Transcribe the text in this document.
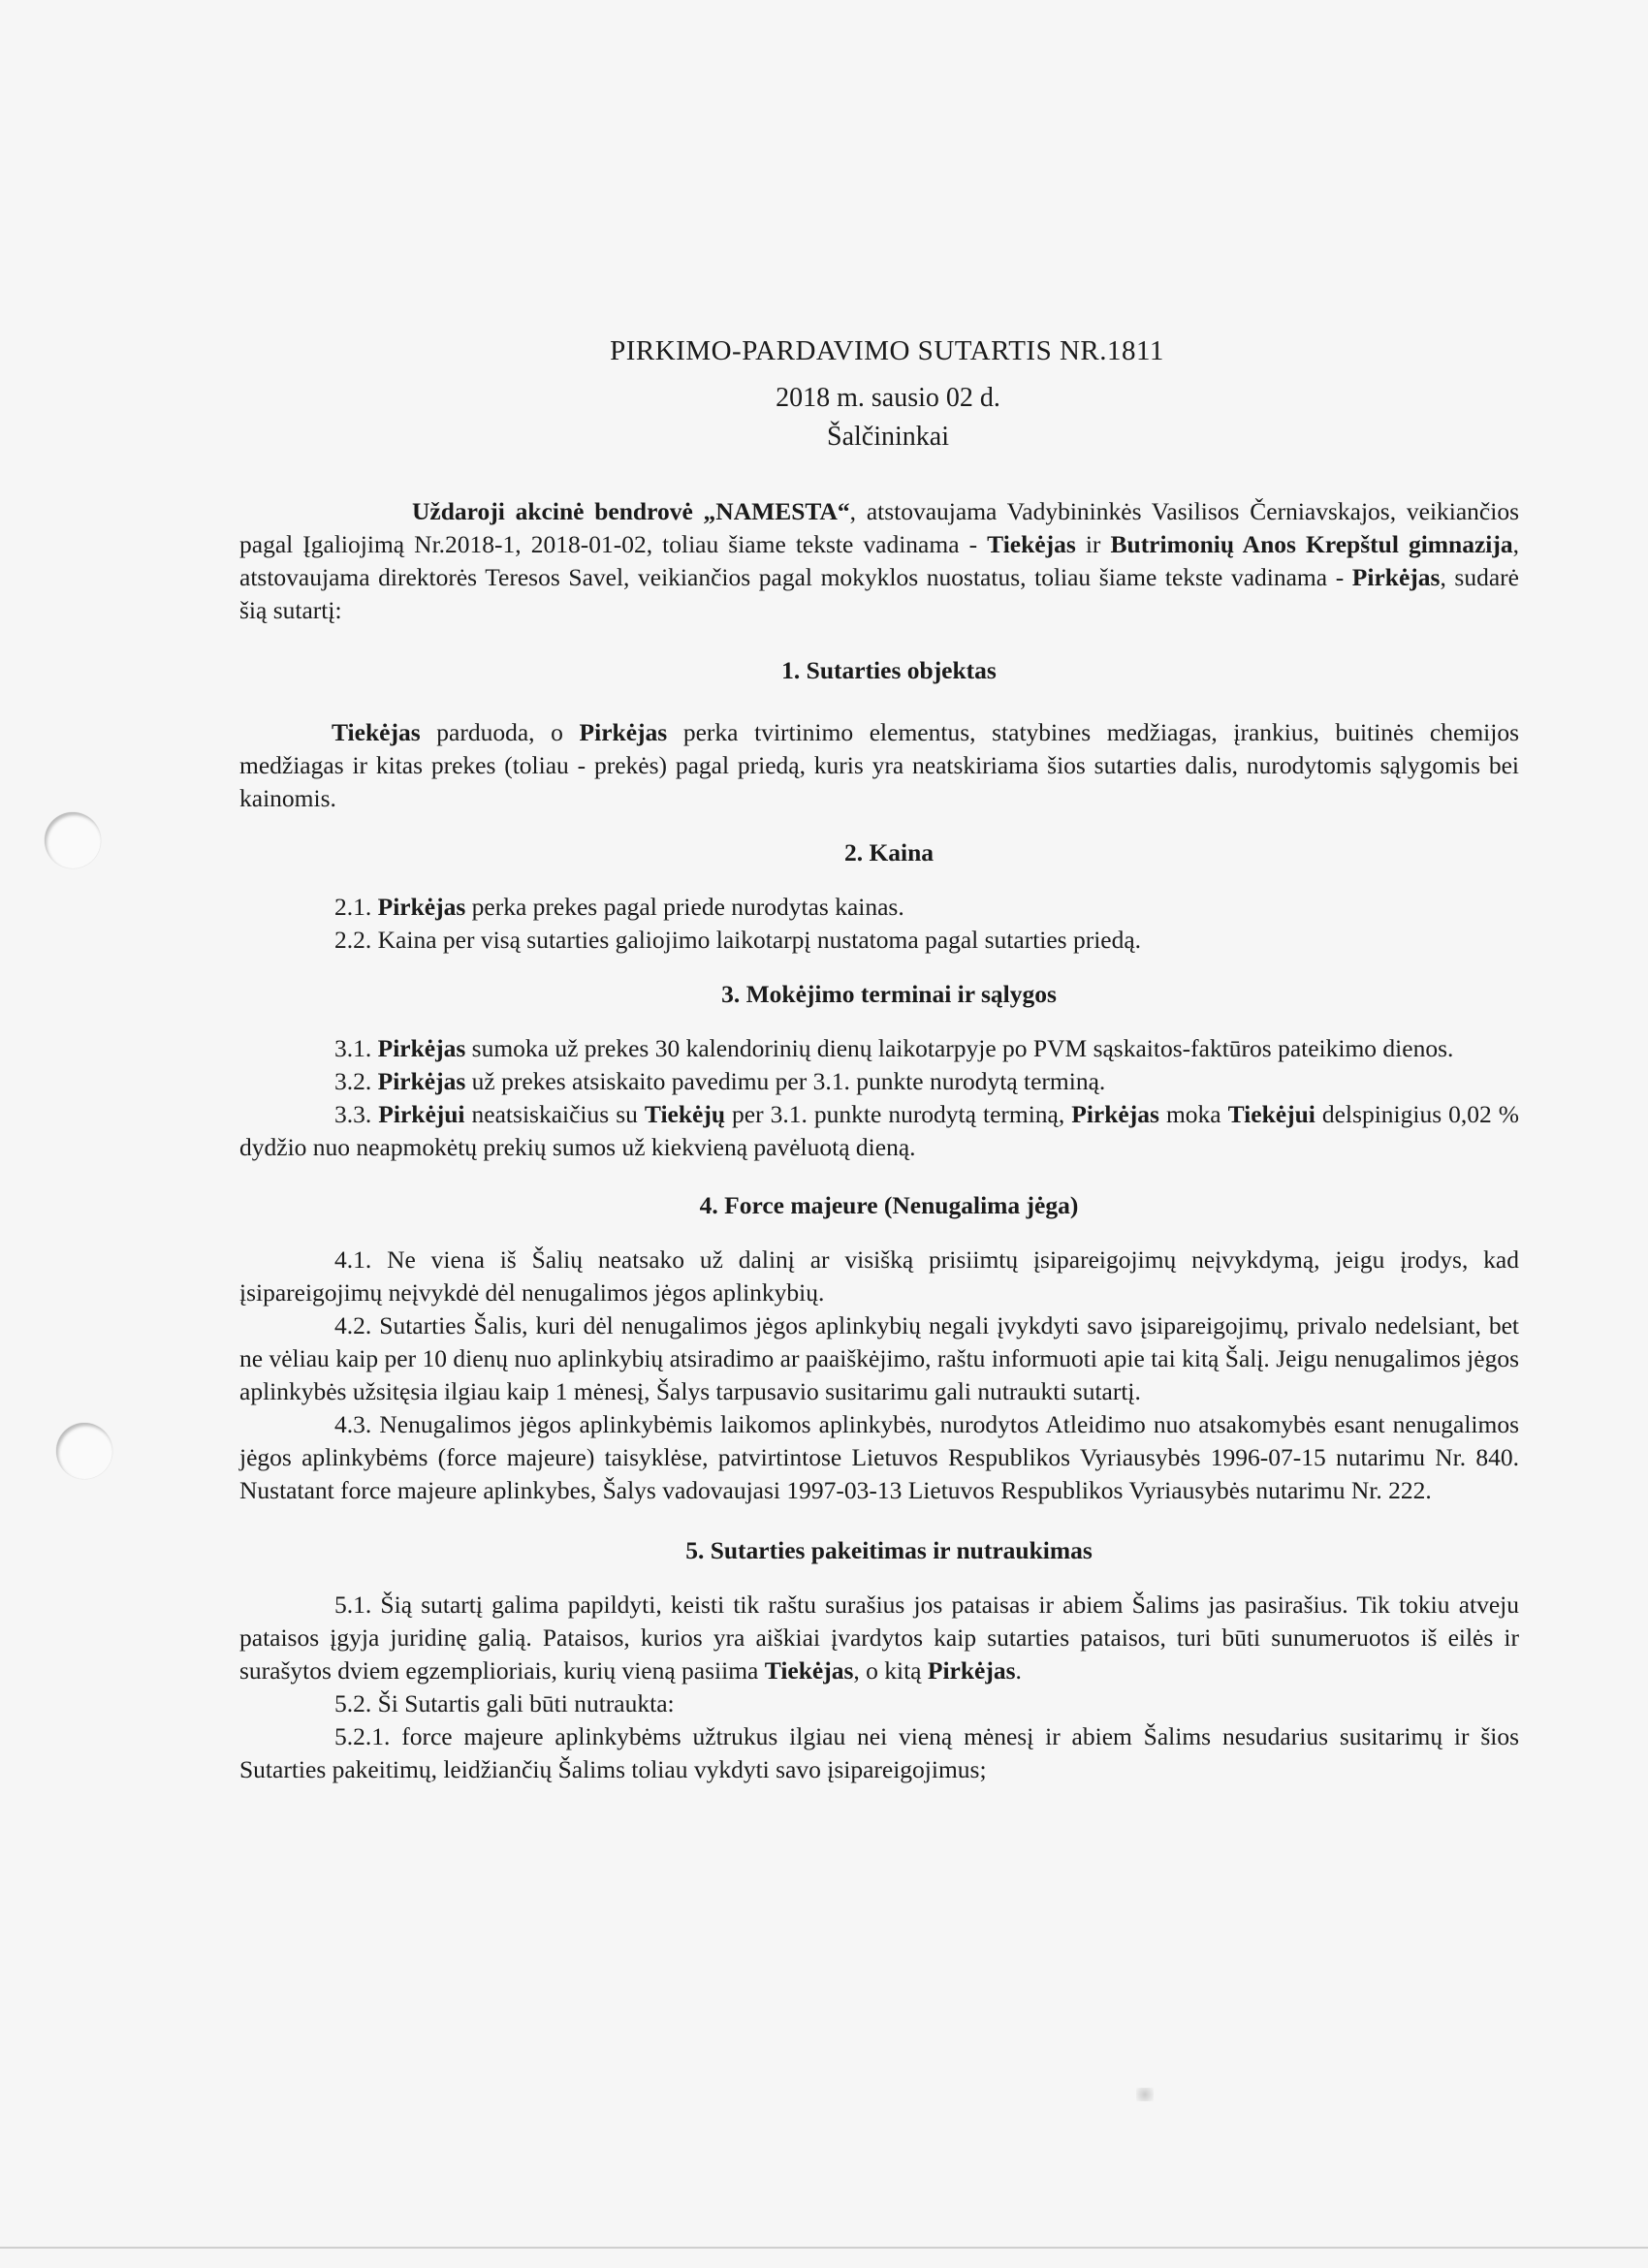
PIRKIMO-PARDAVIMO SUTARTIS NR.1811
2018 m. sausio 02 d.
Šalčininkai

Uždaroji akcinė bendrovė „NAMESTA“, atstovaujama Vadybininkės Vasilisos Černiavskajos, veikiančios pagal Įgaliojimą Nr.2018-1, 2018-01-02, toliau šiame tekste vadinama - Tiekėjas ir Butrimonių Anos Krepštul gimnazija, atstovaujama direktorės Teresos Savel, veikiančios pagal mokyklos nuostatus, toliau šiame tekste vadinama - Pirkėjas, sudarė šią sutartį:

1. Sutarties objektas

Tiekėjas parduoda, o Pirkėjas perka tvirtinimo elementus, statybines medžiagas, įrankius, buitinės chemijos medžiagas ir kitas prekes (toliau - prekės) pagal priedą, kuris yra neatskiriama šios sutarties dalis, nurodytomis sąlygomis bei kainomis.

2. Kaina

2.1. Pirkėjas perka prekes pagal priede nurodytas kainas.

2.2. Kaina per visą sutarties galiojimo laikotarpį nustatoma pagal sutarties priedą.

3. Mokėjimo terminai ir sąlygos

3.1. Pirkėjas sumoka už prekes 30 kalendorinių dienų laikotarpyje po PVM sąskaitos-faktūros pateikimo dienos.

3.2. Pirkėjas už prekes atsiskaito pavedimu per 3.1. punkte nurodytą terminą.

3.3. Pirkėjui neatsiskaičius su Tiekėjų per 3.1. punkte nurodytą terminą, Pirkėjas moka Tiekėjui delspinigius 0,02 % dydžio nuo neapmokėtų prekių sumos už kiekvieną pavėluotą dieną.

4. Force majeure (Nenugalima jėga)

4.1. Ne viena iš Šalių neatsako už dalinį ar visišką prisiimtų įsipareigojimų neįvykdymą, jeigu įrodys, kad įsipareigojimų neįvykdė dėl nenugalimos jėgos aplinkybių.

4.2. Sutarties Šalis, kuri dėl nenugalimos jėgos aplinkybių negali įvykdyti savo įsipareigojimų, privalo nedelsiant, bet ne vėliau kaip per 10 dienų nuo aplinkybių atsiradimo ar paaiškėjimo, raštu informuoti apie tai kitą Šalį. Jeigu nenugalimos jėgos aplinkybės užsitęsia ilgiau kaip 1 mėnesį, Šalys tarpusavio susitarimu gali nutraukti sutartį.

4.3. Nenugalimos jėgos aplinkybėmis laikomos aplinkybės, nurodytos Atleidimo nuo atsakomybės esant nenugalimos jėgos aplinkybėms (force majeure) taisyklėse, patvirtintose Lietuvos Respublikos Vyriausybės 1996-07-15 nutarimu Nr. 840. Nustatant force majeure aplinkybes, Šalys vadovaujasi 1997-03-13 Lietuvos Respublikos Vyriausybės nutarimu Nr. 222.

5. Sutarties pakeitimas ir nutraukimas

5.1. Šią sutartį galima papildyti, keisti tik raštu surašius jos pataisas ir abiem Šalims jas pasirašius. Tik tokiu atveju pataisos įgyja juridinę galią. Pataisos, kurios yra aiškiai įvardytos kaip sutarties pataisos, turi būti sunumeruotos iš eilės ir surašytos dviem egzemplioriais, kurių vieną pasiima Tiekėjas, o kitą Pirkėjas.

5.2. Ši Sutartis gali būti nutraukta:

5.2.1. force majeure aplinkybėms užtrukus ilgiau nei vieną mėnesį ir abiem Šalims nesudarius susitarimų ir šios Sutarties pakeitimų, leidžiančių Šalims toliau vykdyti savo įsipareigojimus;
